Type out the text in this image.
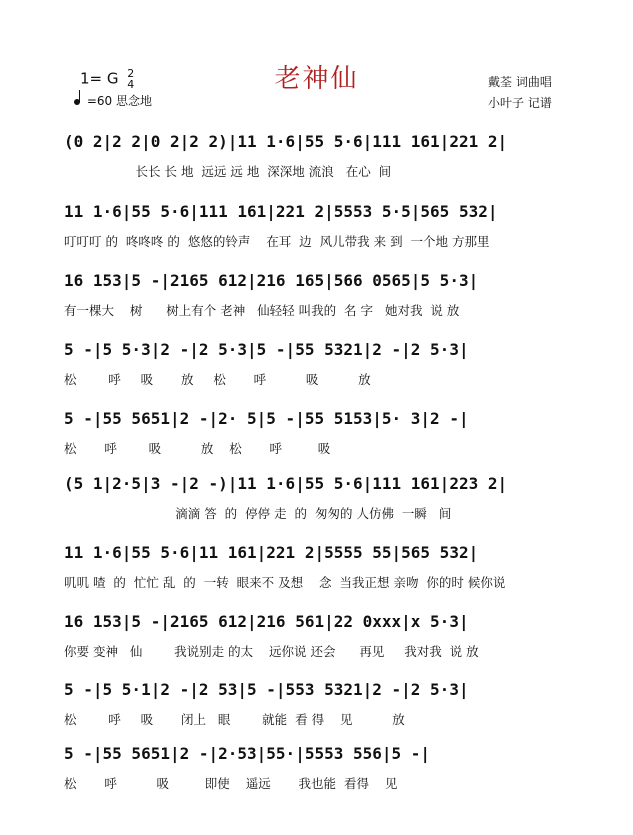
老神仙
1= G 2
4
=60 思念地
戴荃 词曲唱
小叶子 记谱
(0 2|2 2|0 2|2 2)|11 1·6|55 5·6|111 161|221 2|
长长 长 地  远远 远 地  深深地 流浪   在心  间
11 1·6|55 5·6|111 161|221 2|5553 5·5|565 532|
叮叮叮 的  咚咚咚 的  悠悠的铃声    在耳  边  风儿带我 来 到  一个地 方那里
16 153|5 -|2165 612|216 165|566 0565|5 5·3|
有一棵大    树      树上有个 老神   仙轻轻 叫我的  名 字   她对我  说 放
5 -|5 5·3|2 -|2 5·3|5 -|55 5321|2 -|2 5·3|
松        呼     吸       放     松       呼          吸          放
5 -|55 5651|2 -|2· 5|5 -|55 5153|5· 3|2 -|
松       呼        吸          放    松       呼         吸
(5 1|2·5|3 -|2 -)|11 1·6|55 5·6|111 161|223 2|
滴滴 答  的  停停 走  的  匆匆的 人仿佛  一瞬   间
11 1·6|55 5·6|11 161|221 2|5555 55|565 532|
叽叽 喳  的  忙忙 乱  的  一转  眼来不 及想    念  当我正想 亲吻  你的时 候你说
16 153|5 -|2165 612|216 561|22 0xxx|x 5·3|
你要 变神   仙        我说别走 的太    远你说 还会      再见     我对我  说 放
5 -|5 5·1|2 -|2 53|5 -|553 5321|2 -|2 5·3|
松        呼     吸       闭上   眼        就能  看 得    见          放
5 -|55 5651|2 -|2·53|55·|5553 556|5 -|
松       呼          吸         即使    遥远       我也能  看得    见
